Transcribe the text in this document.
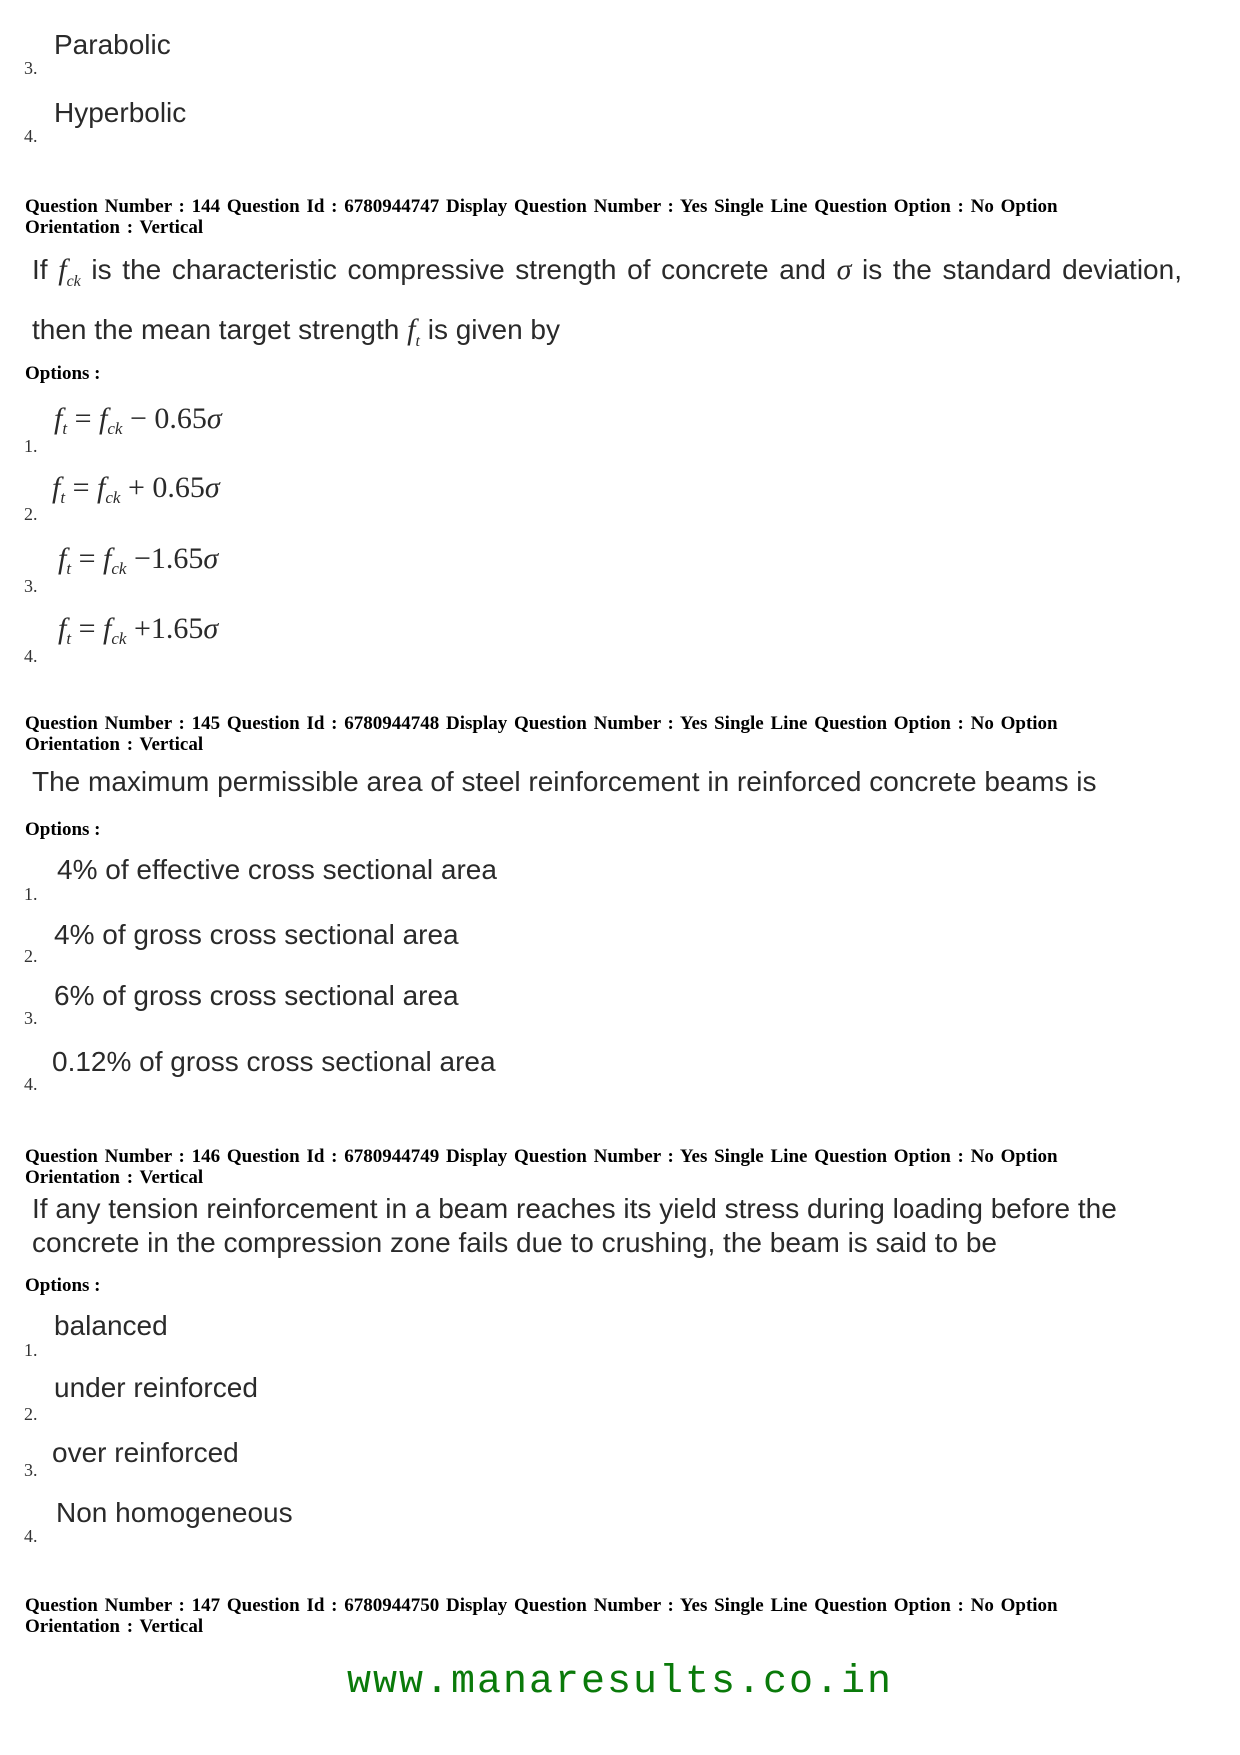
3.
Parabolic
4.
Hyperbolic
Question Number : 144 Question Id : 6780944747 Display Question Number : Yes Single Line Question Option : No Option
Orientation : Vertical
If $f_{ck}$ is the characteristic compressive strength of concrete and σ is the standard deviation, then the mean target strength $f_t$ is given by
Options :
1.
$f_t = f_{ck} - 0.65\sigma$
2.
$f_t = f_{ck} + 0.65\sigma$
3.
$f_t = f_{ck} -1.65\sigma$
4.
$f_t = f_{ck} +1.65\sigma$
Question Number : 145 Question Id : 6780944748 Display Question Number : Yes Single Line Question Option : No Option
Orientation : Vertical
The maximum permissible area of steel reinforcement in reinforced concrete beams is
Options :
1.
4% of effective cross sectional area
2.
4% of gross cross sectional area
3.
6% of gross cross sectional area
4.
0.12% of gross cross sectional area
Question Number : 146 Question Id : 6780944749 Display Question Number : Yes Single Line Question Option : No Option
Orientation : Vertical
If any tension reinforcement in a beam reaches its yield stress during loading before the
concrete in the compression zone fails due to crushing, the beam is said to be
Options :
1.
balanced
2.
under reinforced
3.
over reinforced
4.
Non homogeneous
Question Number : 147 Question Id : 6780944750 Display Question Number : Yes Single Line Question Option : No Option
Orientation : Vertical
www.manaresults.co.in
